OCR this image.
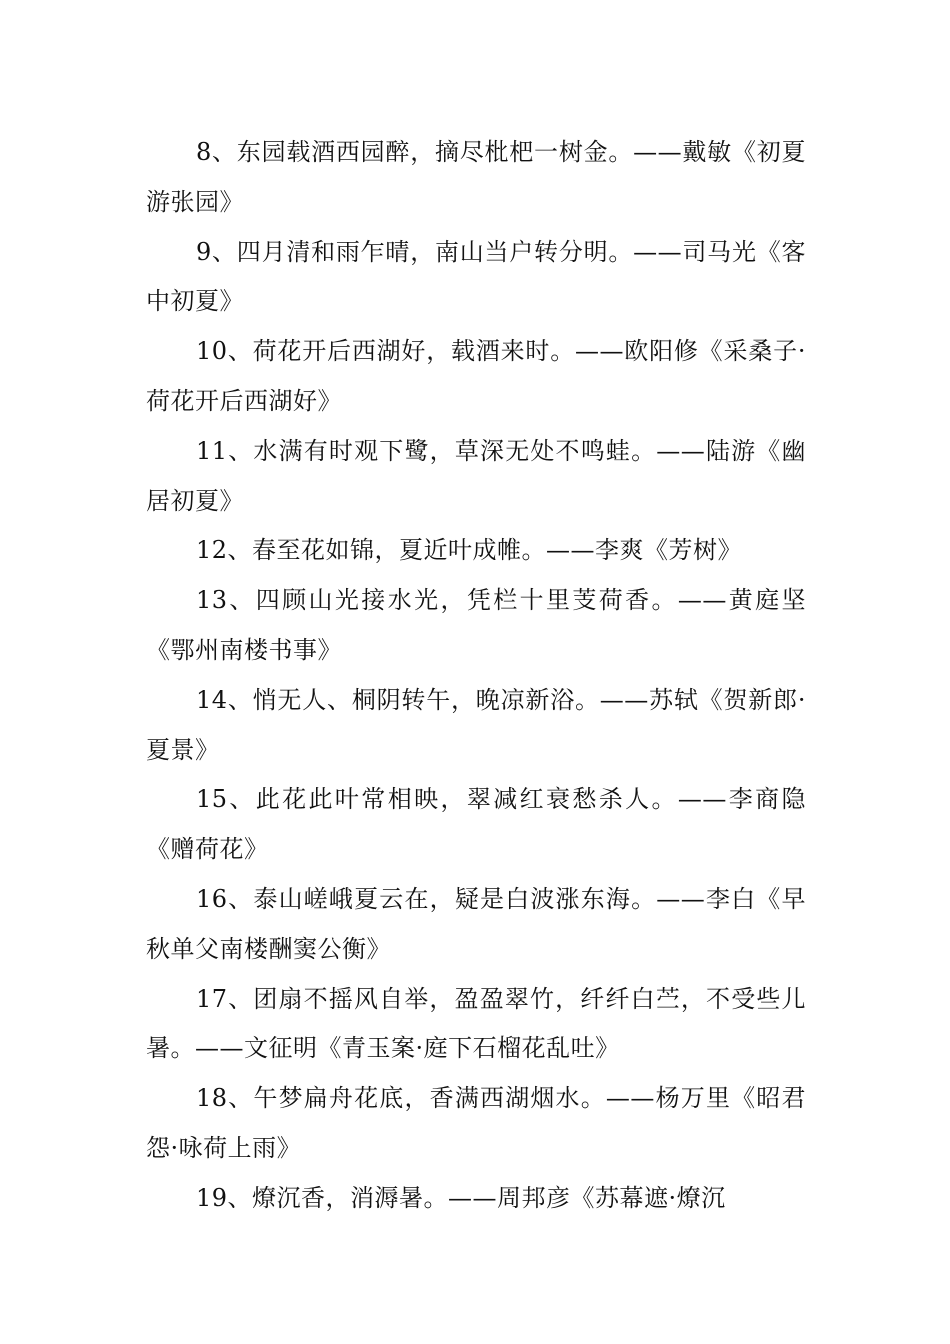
8、东园载酒西园醉，摘尽枇杷一树金。——戴敏《初夏游张园》

9、四月清和雨乍晴，南山当户转分明。——司马光《客中初夏》

10、荷花开后西湖好，载酒来时。——欧阳修《采桑子·荷花开后西湖好》

11、水满有时观下鹭，草深无处不鸣蛙。——陆游《幽居初夏》

12、春至花如锦，夏近叶成帷。——李爽《芳树》

13、四顾山光接水光，凭栏十里芰荷香。——黄庭坚《鄂州南楼书事》

14、悄无人、桐阴转午，晚凉新浴。——苏轼《贺新郎·夏景》

15、此花此叶常相映，翠减红衰愁杀人。——李商隐《赠荷花》

16、泰山嵯峨夏云在，疑是白波涨东海。——李白《早秋单父南楼酬窦公衡》

17、团扇不摇风自举，盈盈翠竹，纤纤白苎，不受些儿暑。——文征明《青玉案·庭下石榴花乱吐》

18、午梦扁舟花底，香满西湖烟水。——杨万里《昭君怨·咏荷上雨》

19、燎沉香，消溽暑。——周邦彦《苏幕遮·燎沉
